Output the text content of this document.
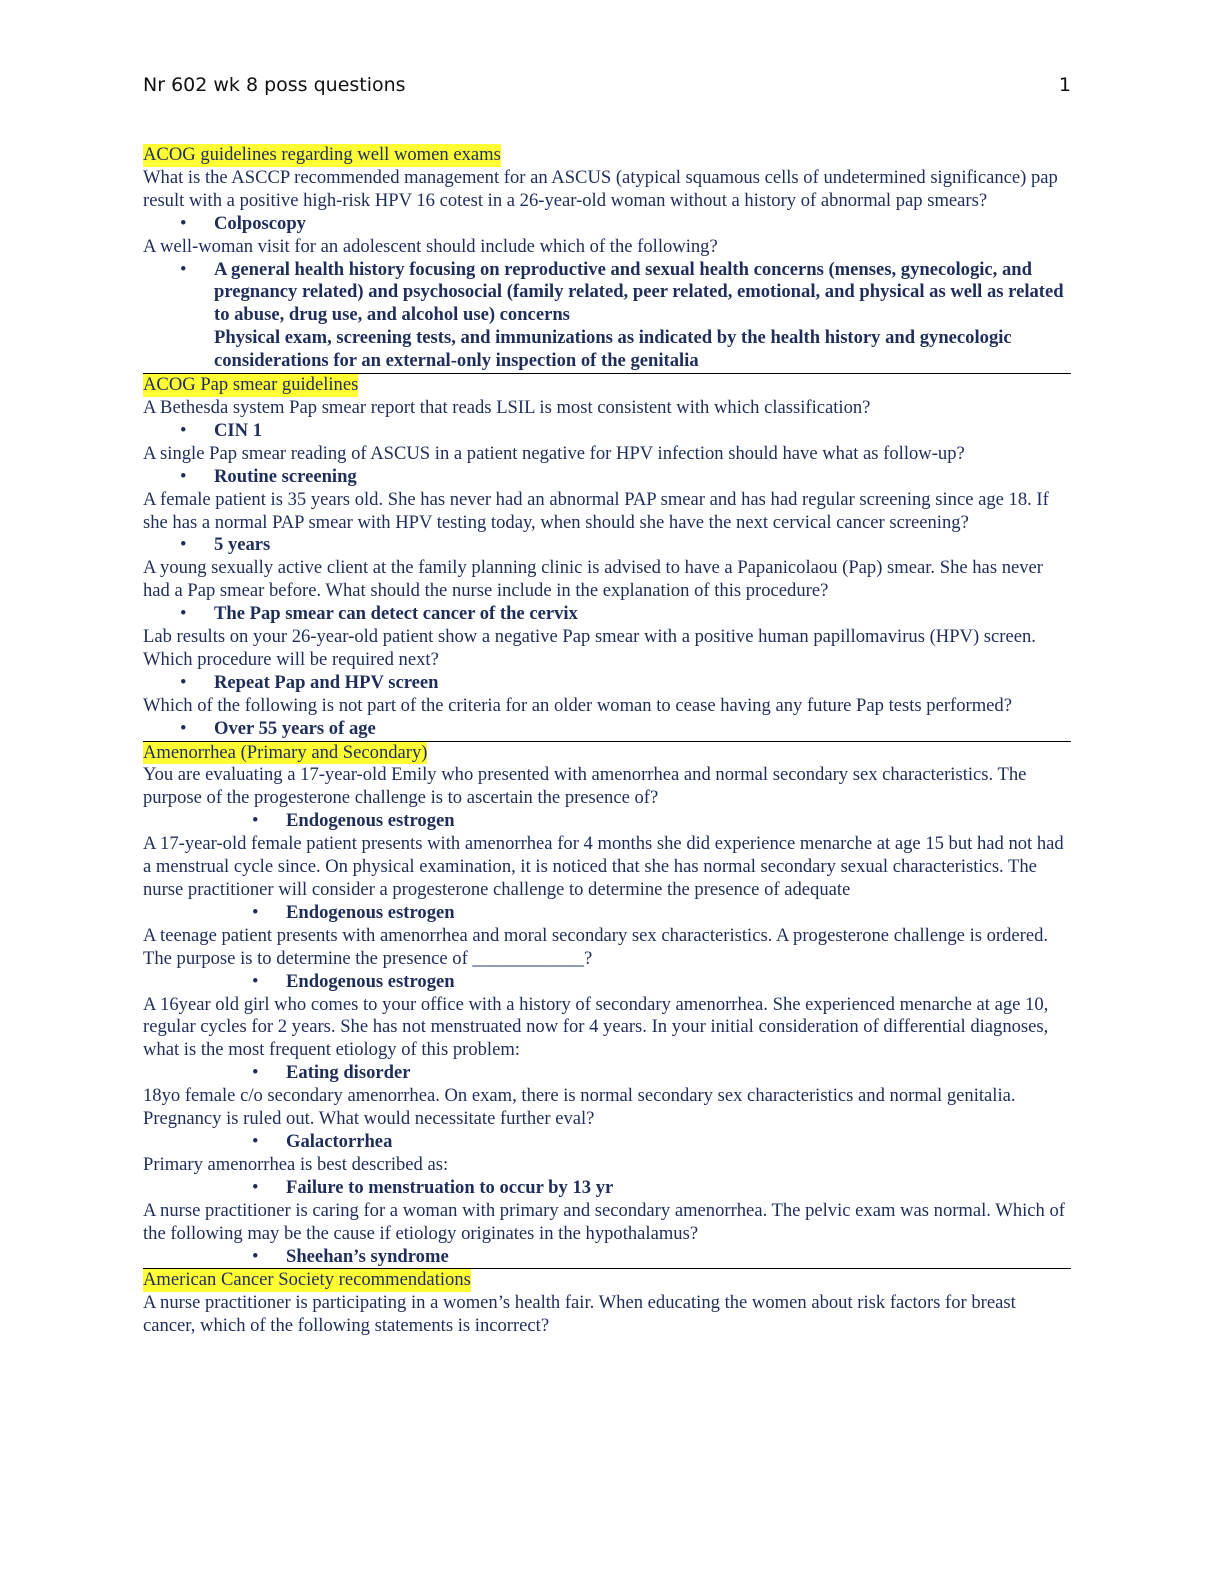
Nr 602 wk 8 poss questions	1
ACOG guidelines regarding well women exams

What is the ASCCP recommended management for an ASCUS (atypical squamous cells of undetermined significance) pap result with a positive high-risk HPV 16 cotest in a 26-year-old woman without a history of abnormal pap smears?

• Colposcopy

A well-woman visit for an adolescent should include which of the following?

• A general health history focusing on reproductive and sexual health concerns (menses, gynecologic, and pregnancy related) and psychosocial (family related, peer related, emotional, and physical as well as related to abuse, drug use, and alcohol use) concerns
Physical exam, screening tests, and immunizations as indicated by the health history and gynecologic considerations for an external-only inspection of the genitalia
ACOG Pap smear guidelines

A Bethesda system Pap smear report that reads LSIL is most consistent with which classification?

• CIN 1

A single Pap smear reading of ASCUS in a patient negative for HPV infection should have what as follow-up?

• Routine screening

A female patient is 35 years old. She has never had an abnormal PAP smear and has had regular screening since age 18. If she has a normal PAP smear with HPV testing today, when should she have the next cervical cancer screening?

• 5 years

A young sexually active client at the family planning clinic is advised to have a Papanicolaou (Pap) smear. She has never had a Pap smear before. What should the nurse include in the explanation of this procedure?

• The Pap smear can detect cancer of the cervix

Lab results on your 26-year-old patient show a negative Pap smear with a positive human papillomavirus (HPV) screen. Which procedure will be required next?

• Repeat Pap and HPV screen

Which of the following is not part of the criteria for an older woman to cease having any future Pap tests performed?

• Over 55 years of age
Amenorrhea (Primary and Secondary)

You are evaluating a 17-year-old Emily who presented with amenorrhea and normal secondary sex characteristics. The purpose of the progesterone challenge is to ascertain the presence of?

• Endogenous estrogen

A 17-year-old female patient presents with amenorrhea for 4 months she did experience menarche at age 15 but had not had a menstrual cycle since. On physical examination, it is noticed that she has normal secondary sexual characteristics. The nurse practitioner will consider a progesterone challenge to determine the presence of adequate

• Endogenous estrogen

A teenage patient presents with amenorrhea and moral secondary sex characteristics. A progesterone challenge is ordered. The purpose is to determine the presence of ____________?

• Endogenous estrogen

A 16year old girl who comes to your office with a history of secondary amenorrhea. She experienced menarche at age 10, regular cycles for 2 years. She has not menstruated now for 4 years. In your initial consideration of differential diagnoses, what is the most frequent etiology of this problem:

• Eating disorder

18yo female c/o secondary amenorrhea. On exam, there is normal secondary sex characteristics and normal genitalia. Pregnancy is ruled out. What would necessitate further eval?

• Galactorrhea

Primary amenorrhea is best described as:

• Failure to menstruation to occur by 13 yr

A nurse practitioner is caring for a woman with primary and secondary amenorrhea. The pelvic exam was normal. Which of the following may be the cause if etiology originates in the hypothalamus?

• Sheehan’s syndrome
American Cancer Society recommendations

A nurse practitioner is participating in a women’s health fair. When educating the women about risk factors for breast cancer, which of the following statements is incorrect?
